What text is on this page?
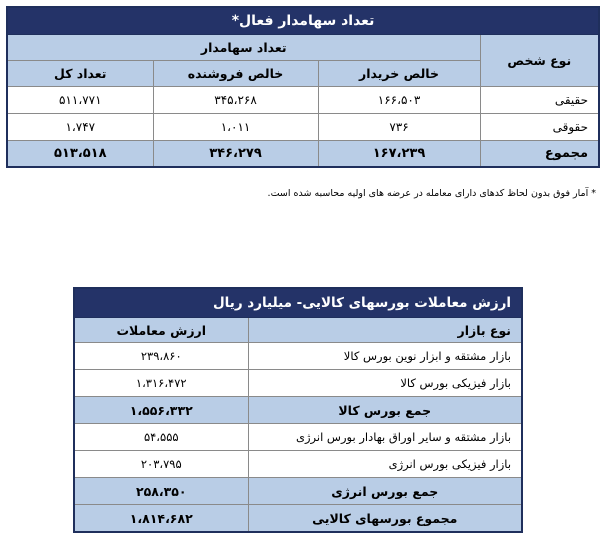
تعداد سهامدار فعال*			
نوع شخص	تعداد سهامدار		
	خالص خریدار	خالص فروشنده	تعداد کل
حقیقی	۱۶۶،۵۰۳	۳۴۵،۲۶۸	۵۱۱،۷۷۱
حقوقی	۷۳۶	۱،۰۱۱	۱،۷۴۷
مجموع	۱۶۷،۲۳۹	۳۴۶،۲۷۹	۵۱۳،۵۱۸
* آمار فوق بدون لحاظ کدهای دارای معامله در عرضه های اولیه محاسبه شده است.
ارزش معاملات بورسهای کالایی- میلیارد ریال	
نوع بازار	ارزش معاملات
بازار مشتقه و ابزار نوین بورس کالا	۲۳۹،۸۶۰
بازار فیزیکی بورس کالا	۱،۳۱۶،۴۷۲
جمع بورس کالا	۱،۵۵۶،۳۳۲
بازار مشتقه و سایر اوراق بهادار بورس انرژی	۵۴،۵۵۵
بازار فیزیکی بورس انرژی	۲۰۳،۷۹۵
جمع بورس انرژی	۲۵۸،۳۵۰
مجموع بورسهای کالایی	۱،۸۱۴،۶۸۲
